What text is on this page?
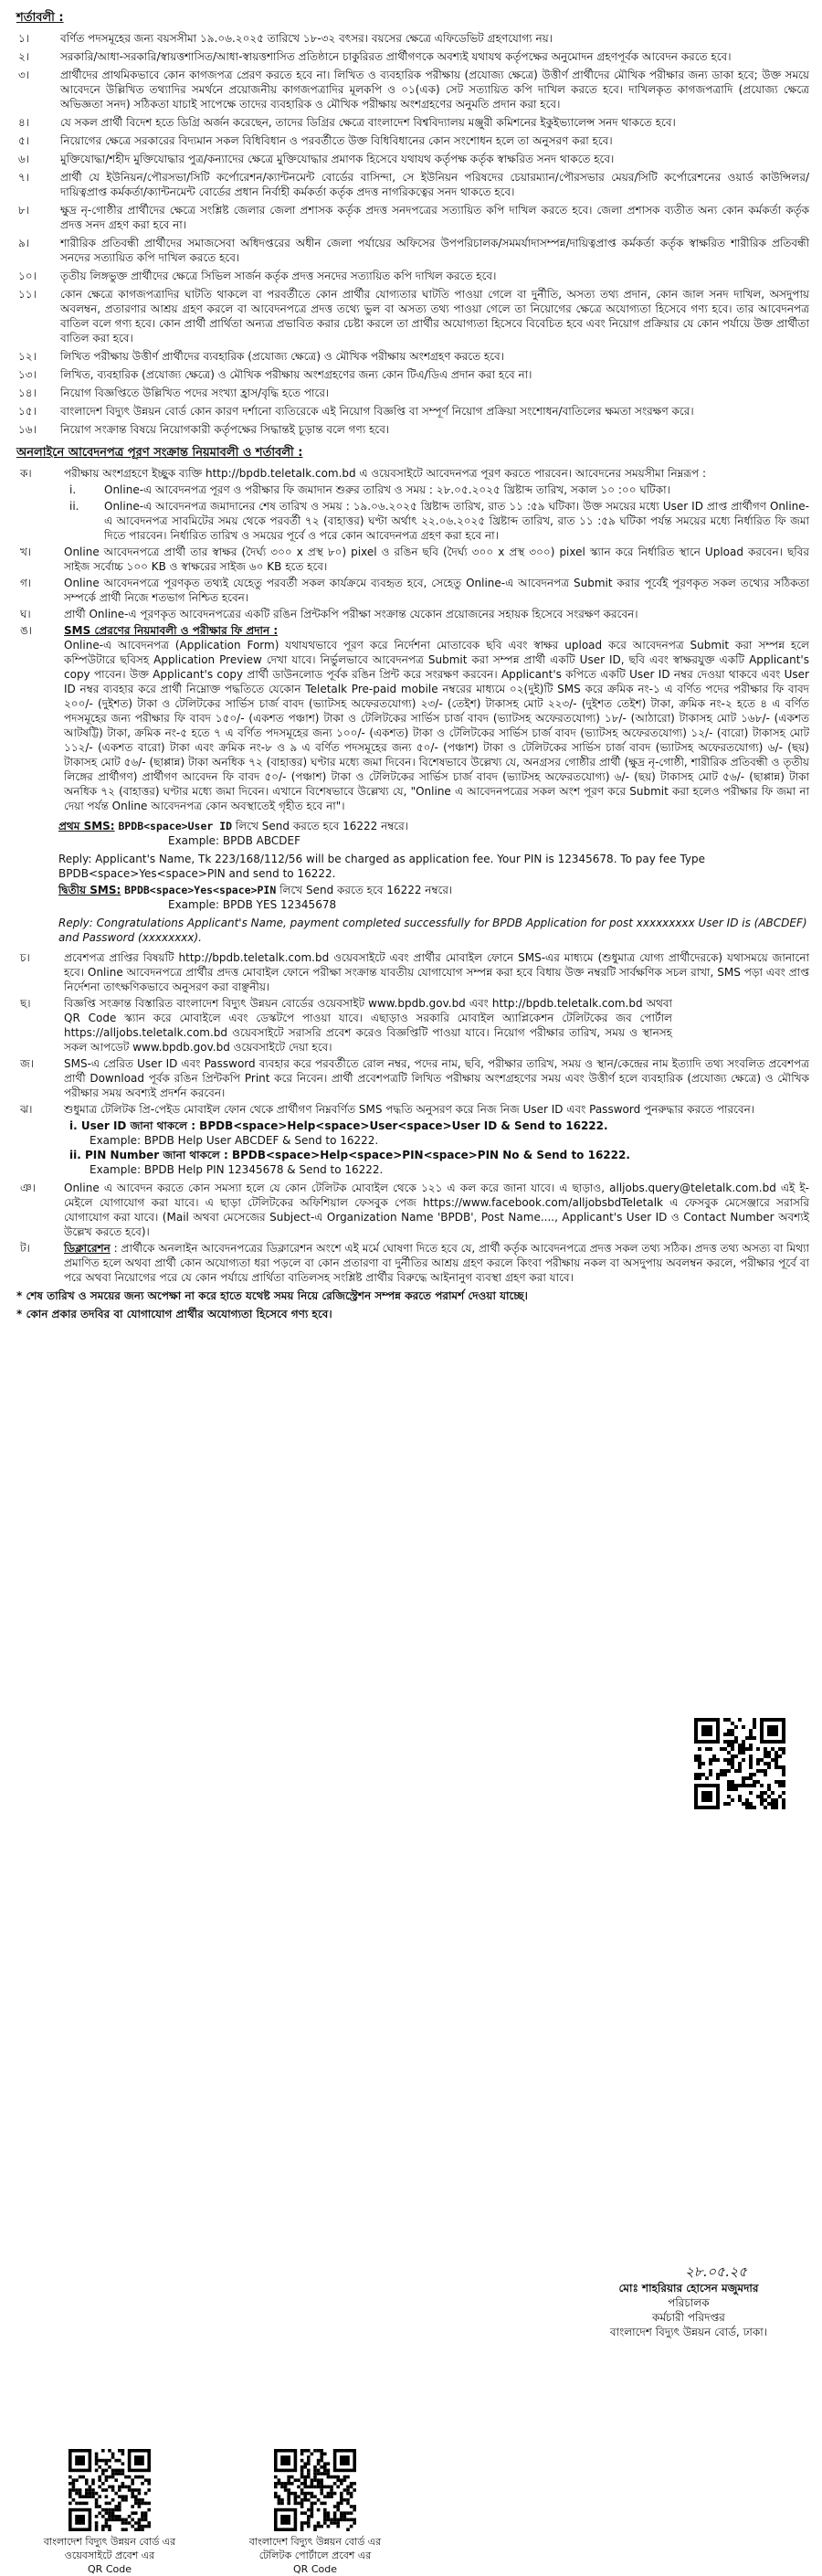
শর্তাবলী :
১।	বর্ণিত পদসমূহের জন্য বয়সসীমা ১৯.০৬.২০২৫ তারিখে ১৮-৩২ বৎসর। বয়সের ক্ষেত্রে এফিডেভিট গ্রহণযোগ্য নয়।
২।	সরকারি/আধা-সরকারি/স্বায়ত্তশাসিত/আধা-স্বায়ত্তশাসিত প্রতিষ্ঠানে চাকুরিরত প্রার্থীগণকে অবশ্যই যথাযথ কর্তৃপক্ষের অনুমোদন গ্রহণপূর্বক আবেদন করতে হবে।
৩।	প্রার্থীদের প্রাথমিকভাবে কোন কাগজপত্র প্রেরণ করতে হবে না। লিখিত ও ব্যবহারিক পরীক্ষায় (প্রযোজ্য ক্ষেত্রে) উত্তীর্ণ প্রার্থীদের মৌখিক পরীক্ষার জন্য ডাকা হবে; উক্ত সময়ে আবেদনে উল্লিখিত তথ্যাদির সমর্থনে প্রয়োজনীয় কাগজপত্রাদির মূলকপি ও ০১(এক) সেট সত্যায়িত কপি দাখিল করতে হবে। দাখিলকৃত কাগজপত্রাদি (প্রযোজ্য ক্ষেত্রে অভিজ্ঞতা সনদ) সঠিকতা যাচাই সাপেক্ষে তাদের ব্যবহারিক ও মৌখিক পরীক্ষায় অংশগ্রহণের অনুমতি প্রদান করা হবে।
৪।	যে সকল প্রার্থী বিদেশ হতে ডিগ্রি অর্জন করেছেন, তাদের ডিগ্রির ক্ষেত্রে বাংলাদেশ বিশ্ববিদ্যালয় মঞ্জুরী কমিশনের ইকুইভ্যালেন্স সনদ থাকতে হবে।
৫।	নিয়োগের ক্ষেত্রে সরকারের বিদ্যমান সকল বিধিবিধান ও পরবর্তীতে উক্ত বিধিবিধানের কোন সংশোধন হলে তা অনুসরণ করা হবে।
৬।	মুক্তিযোদ্ধা/শহীদ মুক্তিযোদ্ধার পুত্র/কন্যাদের ক্ষেত্রে মুক্তিযোদ্ধার প্রমাণক হিসেবে যথাযথ কর্তৃপক্ষ কর্তৃক স্বাক্ষরিত সনদ থাকতে হবে।
৭।	প্রার্থী যে ইউনিয়ন/পৌরসভা/সিটি কর্পোরেশন/ক্যান্টনমেন্ট বোর্ডের বাসিন্দা, সে ইউনিয়ন পরিষদের চেয়ারম্যান/পৌরসভার মেয়র/সিটি কর্পোরেশনের ওয়ার্ড কাউন্সিলর/দায়িত্বপ্রাপ্ত কর্মকর্তা/ক্যান্টনমেন্ট বোর্ডের প্রধান নির্বাহী কর্মকর্তা কর্তৃক প্রদত্ত নাগরিকত্বের সনদ থাকতে হবে।
৮।	ক্ষুদ্র নৃ-গোষ্ঠীর প্রার্থীদের ক্ষেত্রে সংশ্লিষ্ট জেলার জেলা প্রশাসক কর্তৃক প্রদত্ত সনদপত্রের সত্যায়িত কপি দাখিল করতে হবে। জেলা প্রশাসক ব্যতীত অন্য কোন কর্মকর্তা কর্তৃক প্রদত্ত সনদ গ্রহণ করা হবে না।
৯।	শারীরিক প্রতিবন্ধী প্রার্থীদের সমাজসেবা অধিদপ্তরের অধীন জেলা পর্যায়ের অফিসের উপপরিচালক/সমমর্যাদাসম্পন্ন/দায়িত্বপ্রাপ্ত কর্মকর্তা কর্তৃক স্বাক্ষরিত শারীরিক প্রতিবন্ধী সনদের সত্যায়িত কপি দাখিল করতে হবে।
১০।	তৃতীয় লিঙ্গভুক্ত প্রার্থীদের ক্ষেত্রে সিভিল সার্জন কর্তৃক প্রদত্ত সনদের সত্যায়িত কপি দাখিল করতে হবে।
১১।	কোন ক্ষেত্রে কাগজপত্রাদির ঘাটতি থাকলে বা পরবর্তীতে কোন প্রার্থীর যোগ্যতার ঘাটতি পাওয়া গেলে বা দুর্নীতি, অসত্য তথ্য প্রদান, কোন জাল সনদ দাখিল, অসদুপায় অবলম্বন, প্রতারণার আশ্রয় গ্রহণ করলে বা আবেদনপত্রে প্রদত্ত তথ্যে ভুল বা অসত্য তথ্য পাওয়া গেলে তা নিয়োগের ক্ষেত্রে অযোগ্যতা হিসেবে গণ্য হবে। তার আবেদনপত্র বাতিল বলে গণ্য হবে। কোন প্রার্থী প্রার্থিতা অন্যত্র প্রভাবিত করার চেষ্টা করলে তা প্রার্থীর অযোগ্যতা হিসেবে বিবেচিত হবে এবং নিয়োগ প্রক্রিয়ার যে কোন পর্যায়ে উক্ত প্রার্থীতা বাতিল করা হবে।
১২।	লিখিত পরীক্ষায় উত্তীর্ণ প্রার্থীদের ব্যবহারিক (প্রযোজ্য ক্ষেত্রে) ও মৌখিক পরীক্ষায় অংশগ্রহণ করতে হবে।
১৩।	লিখিত, ব্যবহারিক (প্রযোজ্য ক্ষেত্রে) ও মৌখিক পরীক্ষায় অংশগ্রহণের জন্য কোন টিএ/ডিএ প্রদান করা হবে না।
১৪।	নিয়োগ বিজ্ঞপ্তিতে উল্লিখিত পদের সংখ্যা হ্রাস/বৃদ্ধি হতে পারে।
১৫।	বাংলাদেশ বিদ্যুৎ উন্নয়ন বোর্ড কোন কারণ দর্শানো ব্যতিরেকে এই নিয়োগ বিজ্ঞপ্তি বা সম্পূর্ণ নিয়োগ প্রক্রিয়া সংশোধন/বাতিলের ক্ষমতা সংরক্ষণ করে।
১৬।	নিয়োগ সংক্রান্ত বিষয়ে নিয়োগকারী কর্তৃপক্ষের সিদ্ধান্তই চূড়ান্ত বলে গণ্য হবে।
অনলাইনে আবেদনপত্র পূরণ সংক্রান্ত নিয়মাবলী ও শর্তাবলী :
ক।	পরীক্ষায় অংশগ্রহণে ইচ্ছুক ব্যক্তি http://bpdb.teletalk.com.bd এ ওয়েবসাইটে আবেদনপত্র পূরণ করতে পারবেন। আবেদনের সময়সীমা নিম্নরূপ :
i.	Online-এ আবেদনপত্র পূরণ ও পরীক্ষার ফি জমাদান শুরুর তারিখ ও সময় : ২৮.০৫.২০২৫ খ্রিষ্টাব্দ তারিখ, সকাল ১০ :০০ ঘটিকা।
ii.	Online-এ আবেদনপত্র জমাদানের শেষ তারিখ ও সময় : ১৯.০৬.২০২৫ খ্রিষ্টাব্দ তারিখ, রাত ১১ :৫৯ ঘটিকা। উক্ত সময়ের মধ্যে User ID প্রাপ্ত প্রার্থীগণ Online-এ আবেদনপত্র সাবমিটের সময় থেকে পরবর্তী ৭২ (বাহাত্তর) ঘণ্টা অর্থাৎ ২২.০৬.২০২৫ খ্রিষ্টাব্দ তারিখ, রাত ১১ :৫৯ ঘটিকা পর্যন্ত সময়ের মধ্যে নির্ধারিত ফি জমা দিতে পারবেন। নির্ধারিত তারিখ ও সময়ের পূর্বে ও পরে কোন আবেদনপত্র গ্রহণ করা হবে না।
খ।	Online আবেদনপত্রে প্রার্থী তার স্বাক্ষর (দৈর্ঘ্য ৩০০ x প্রস্থ ৮০) pixel ও রঙিন ছবি (দৈর্ঘ্য ৩০০ x প্রস্থ ৩০০) pixel স্ক্যান করে নির্ধারিত স্থানে Upload করবেন। ছবির সাইজ সর্বোচ্চ ১০০ KB ও স্বাক্ষরের সাইজ ৬০ KB হতে হবে।
গ।	Online আবেদনপত্রে পূরণকৃত তথ্যই যেহেতু পরবর্তী সকল কার্যক্রমে ব্যবহৃত হবে, সেহেতু Online-এ আবেদনপত্র Submit করার পূর্বেই পূরণকৃত সকল তথ্যের সঠিকতা সম্পর্কে প্রার্থী নিজে শতভাগ নিশ্চিত হবেন।
ঘ।	প্রার্থী Online-এ পূরণকৃত আবেদনপত্রের একটি রঙিন প্রিন্টকপি পরীক্ষা সংক্রান্ত যেকোন প্রয়োজনের সহায়ক হিসেবে সংরক্ষণ করবেন।
ঙ।	SMS প্রেরণের নিয়মাবলী ও পরীক্ষার ফি প্রদান :
Online-এ আবেদনপত্র (Application Form) যথাযথভাবে পূরণ করে নির্দেশনা মোতাবেক ছবি এবং স্বাক্ষর upload করে আবেদনপত্র Submit করা সম্পন্ন হলে কম্পিউটারে ছবিসহ Application Preview দেখা যাবে। নির্ভুলভাবে আবেদনপত্র Submit করা সম্পন্ন প্রার্থী একটি User ID, ছবি এবং স্বাক্ষরযুক্ত একটি Applicant's copy পাবেন। উক্ত Applicant's copy প্রার্থী ডাউনলোড পূর্বক রঙিন প্রিন্ট করে সংরক্ষণ করবেন। Applicant's কপিতে একটি User ID নম্বর দেওয়া থাকবে এবং User ID নম্বর ব্যবহার করে প্রার্থী নিম্নোক্ত পদ্ধতিতে যেকোন Teletalk Pre-paid mobile নম্বরের মাধ্যমে ০২(দুই)টি SMS করে ক্রমিক নং-১ এ বর্ণিত পদের পরীক্ষার ফি বাবদ ২০০/- (দুইশত) টাকা ও টেলিটকের সার্ভিস চার্জ বাবদ (ভ্যাটসহ অফেরতযোগ্য) ২৩/- (তেইশ) টাকাসহ মোট ২২৩/- (দুইশত তেইশ) টাকা, ক্রমিক নং-২ হতে ৪ এ বর্ণিত পদসমূহের জন্য পরীক্ষার ফি বাবদ ১৫০/- (একশত পঞ্চাশ) টাকা ও টেলিটকের সার্ভিস চার্জ বাবদ (ভ্যাটসহ অফেরতযোগ্য) ১৮/- (আঠারো) টাকাসহ মোট ১৬৮/- (একশত আটষট্টি) টাকা, ক্রমিক নং-৫ হতে ৭ এ বর্ণিত পদসমূহের জন্য ১০০/- (একশত) টাকা ও টেলিটকের সার্ভিস চার্জ বাবদ (ভ্যাটসহ অফেরতযোগ্য) ১২/- (বারো) টাকাসহ মোট ১১২/- (একশত বারো) টাকা এবং ক্রমিক নং-৮ ও ৯ এ বর্ণিত পদসমূহের জন্য ৫০/- (পঞ্চাশ) টাকা ও টেলিটকের সার্ভিস চার্জ বাবদ (ভ্যাটসহ অফেরতযোগ্য) ৬/- (ছয়) টাকাসহ মোট ৫৬/- (ছাপ্পান্ন) টাকা অনধিক ৭২ (বাহাত্তর) ঘণ্টার মধ্যে জমা দিবেন। বিশেষভাবে উল্লেখ্য যে, অনগ্রসর গোষ্ঠীর প্রার্থী (ক্ষুদ্র নৃ-গোষ্ঠী, শারীরিক প্রতিবন্ধী ও তৃতীয় লিঙ্গের প্রার্থীগণ) প্রার্থীগণ আবেদন ফি বাবদ ৫০/- (পঞ্চাশ) টাকা ও টেলিটকের সার্ভিস চার্জ বাবদ (ভ্যাটসহ অফেরতযোগ্য) ৬/- (ছয়) টাকাসহ মোট ৫৬/- (ছাপ্পান্ন) টাকা অনধিক ৭২ (বাহাত্তর) ঘণ্টার মধ্যে জমা দিবেন। এখানে বিশেষভাবে উল্লেখ্য যে, "Online এ আবেদনপত্রের সকল অংশ পূরণ করে Submit করা হলেও পরীক্ষার ফি জমা না দেয়া পর্যন্ত Online আবেদনপত্র কোন অবস্থাতেই গৃহীত হবে না"।
প্রথম SMS: BPDB<space>User ID লিখে Send করতে হবে 16222 নম্বরে।
Example: BPDB ABCDEF
Reply: Applicant's Name, Tk 223/168/112/56 will be charged as application fee. Your PIN is 12345678. To pay fee Type BPDB<space>Yes<space>PIN and send to 16222.
দ্বিতীয় SMS: BPDB<space>Yes<space>PIN লিখে Send করতে হবে 16222 নম্বরে।
Example: BPDB YES 12345678
Reply: Congratulations Applicant's Name, payment completed successfully for BPDB Application for post xxxxxxxxx User ID is (ABCDEF) and Password (xxxxxxxx).
চ।	প্রবেশপত্র প্রাপ্তির বিষয়টি http://bpdb.teletalk.com.bd ওয়েবসাইটে এবং প্রার্থীর মোবাইল ফোনে SMS-এর মাধ্যমে (শুধুমাত্র যোগ্য প্রার্থীদেরকে) যথাসময়ে জানানো হবে। Online আবেদনপত্রে প্রার্থীর প্রদত্ত মোবাইল ফোনে পরীক্ষা সংক্রান্ত যাবতীয় যোগাযোগ সম্পন্ন করা হবে বিধায় উক্ত নম্বরটি সার্বক্ষণিক সচল রাখা, SMS পড়া এবং প্রাপ্ত নির্দেশনা তাৎক্ষণিকভাবে অনুসরণ করা বাঞ্ছনীয়।
ছ।	বিজ্ঞপ্তি সংক্রান্ত বিস্তারিত বাংলাদেশ বিদ্যুৎ উন্নয়ন বোর্ডের ওয়েবসাইট www.bpdb.gov.bd এবং http://bpdb.teletalk.com.bd অথবা QR Code স্ক্যান করে মোবাইলে এবং ডেস্কটপে পাওয়া যাবে। এছাড়াও সরকারি মোবাইল অ্যাপ্লিকেশন টেলিটকের জব পোর্টাল https://alljobs.teletalk.com.bd ওয়েবসাইটে সরাসরি প্রবেশ করেও বিজ্ঞপ্তিটি পাওয়া যাবে। নিয়োগ পরীক্ষার তারিখ, সময় ও স্থানসহ সকল আপডেট www.bpdb.gov.bd ওয়েবসাইটে দেয়া হবে।
জ।	SMS-এ প্রেরিত User ID এবং Password ব্যবহার করে পরবর্তীতে রোল নম্বর, পদের নাম, ছবি, পরীক্ষার তারিখ, সময় ও স্থান/কেন্দ্রের নাম ইত্যাদি তথ্য সংবলিত প্রবেশপত্র প্রার্থী Download পূর্বক রঙিন প্রিন্টকপি Print করে নিবেন। প্রার্থী প্রবেশপত্রটি লিখিত পরীক্ষায় অংশগ্রহণের সময় এবং উত্তীর্ণ হলে ব্যবহারিক (প্রযোজ্য ক্ষেত্রে) ও মৌখিক পরীক্ষার সময় অবশ্যই প্রদর্শন করবেন।
ঝ।	শুধুমাত্র টেলিটক প্রি-পেইড মোবাইল ফোন থেকে প্রার্থীগণ নিম্নবর্ণিত SMS পদ্ধতি অনুসরণ করে নিজ নিজ User ID এবং Password পুনরুদ্ধার করতে পারবেন।
i. User ID জানা থাকলে : BPDB<space>Help<space>User<space>User ID & Send to 16222.
Example: BPDB Help User ABCDEF & Send to 16222.
ii. PIN Number জানা থাকলে : BPDB<space>Help<space>PIN<space>PIN No & Send to 16222.
Example: BPDB Help PIN 12345678 & Send to 16222.
ঞ।	Online এ আবেদন করতে কোন সমস্যা হলে যে কোন টেলিটক মোবাইল থেকে ১২১ এ কল করে জানা যাবে। এ ছাড়াও, alljobs.query@teletalk.com.bd এই ই-মেইলে যোগাযোগ করা যাবে। এ ছাড়া টেলিটকের অফিশিয়াল ফেসবুক পেজ https://www.facebook.com/alljobsbdTeletalk এ ফেসবুক মেসেঞ্জারে সরাসরি যোগাযোগ করা যাবে। (Mail অথবা মেসেজের Subject-এ Organization Name 'BPDB', Post Name...., Applicant's User ID ও Contact Number অবশ্যই উল্লেখ করতে হবে)।
ট।	ডিক্লারেশন : প্রার্থীকে অনলাইন আবেদনপত্রের ডিক্লারেশন অংশে এই মর্মে ঘোষণা দিতে হবে যে, প্রার্থী কর্তৃক আবেদনপত্রে প্রদত্ত সকল তথ্য সঠিক। প্রদত্ত তথ্য অসত্য বা মিথ্যা প্রমাণিত হলে অথবা প্রার্থী কোন অযোগ্যতা ধরা পড়লে বা কোন প্রতারণা বা দুর্নীতির আশ্রয় গ্রহণ করলে কিংবা পরীক্ষায় নকল বা অসদুপায় অবলম্বন করলে, পরীক্ষার পূর্বে বা পরে অথবা নিয়োগের পরে যে কোন পর্যায়ে প্রার্থিতা বাতিলসহ সংশ্লিষ্ট প্রার্থীর বিরুদ্ধে আইনানুগ ব্যবস্থা গ্রহণ করা যাবে।
* শেষ তারিখ ও সময়ের জন্য অপেক্ষা না করে হাতে যথেষ্ট সময় নিয়ে রেজিস্ট্রেশন সম্পন্ন করতে পরামর্শ দেওয়া যাচ্ছে।
* কোন প্রকার তদবির বা যোগাযোগ প্রার্থীর অযোগ্যতা হিসেবে গণ্য হবে।
২৮.০৫.২৫
মোঃ শাহরিয়ার হোসেন মজুমদার
পরিচালক
কর্মচারী পরিদপ্তর
বাংলাদেশ বিদ্যুৎ উন্নয়ন বোর্ড, ঢাকা।
বাংলাদেশ বিদ্যুৎ উন্নয়ন বোর্ড এর
ওয়েবসাইটে প্রবেশ এর
QR Code
বাংলাদেশ বিদ্যুৎ উন্নয়ন বোর্ড এর
টেলিটক পোর্টালে প্রবেশ এর
QR Code
